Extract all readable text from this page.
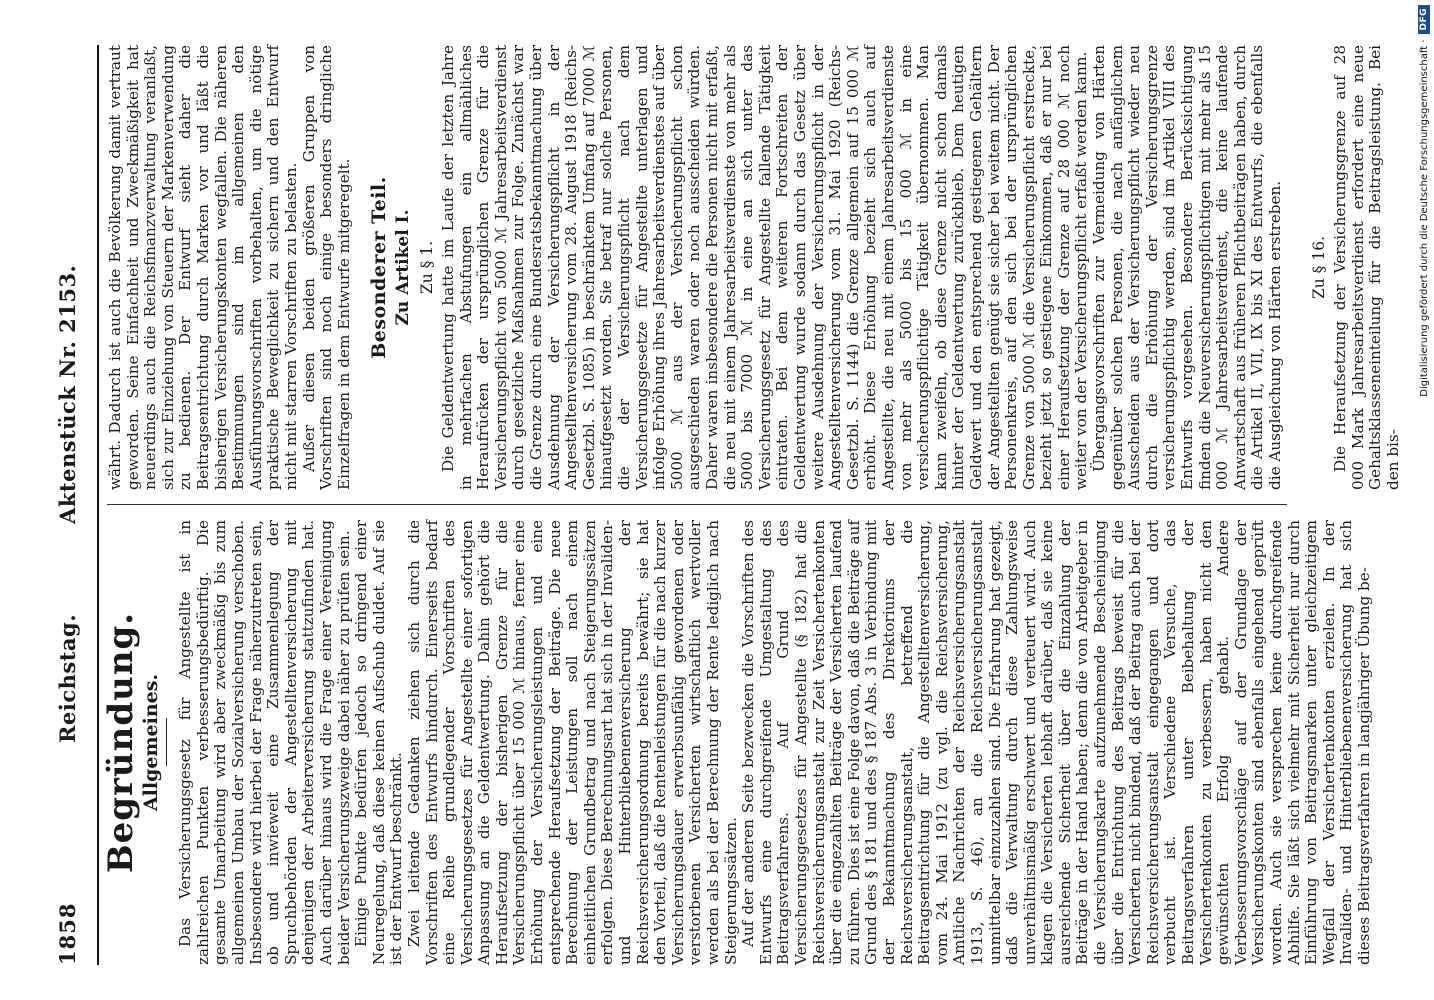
1858
Reichstag.
Aktenstück Nr. 2153.
Begründung.
Allgemeines. Das Versicherungsgesetz für Angestellte ist in zahlreichen Punkten verbesserungsbedürftig. Die gesamte Umarbeitung wird aber zweckmäßig bis zum allgemeinen Umbau der Sozialversicherung verschoben. Insbesondere wird hierbei der Frage näherzutreten sein, ob und inwieweit eine Zusammenlegung der Spruchbehörden der Angestelltenversicherung mit denjenigen der Arbeiterversicherung stattzufinden hat. Auch darüber hinaus wird die Frage einer Vereinigung beider Versicherungszweige dabei näher zu prüfen sein. Einige Punkte bedürfen jedoch so dringend einer Neuregelung, daß diese keinen Aufschub duldet. Auf sie ist der Entwurf beschränkt. Zwei leitende Gedanken ziehen sich durch die Vorschriften des Entwurfs hindurch. Einerseits bedarf eine Reihe grundlegender Vorschriften des Versicherungsgesetzes für Angestellte einer sofortigen Anpassung an die Geldentwertung. Dahin gehört die Heraufsetzung der bisherigen Grenze für die Versicherungspflicht über 15 000 ℳ hinaus, ferner eine Erhöhung der Versicherungsleistungen und eine entsprechende Heraufsetzung der Beiträge. Die neue Berechnung der Leistungen soll nach einem einheitlichen Grundbetrag und nach Steigerungssätzen erfolgen. Diese Berechnungsart hat sich in der Invaliden- und Hinterbliebenenversicherung der Reichsversicherungsordnung bereits bewährt; sie hat den Vorteil, daß die Rentenleistungen für die nach kurzer Versicherungsdauer erwerbsunfähig gewordenen oder verstorbenen Versicherten wirtschaftlich wertvoller werden als bei der Berechnung der Rente lediglich nach Steigerungssätzen. Auf der anderen Seite bezwecken die Vorschriften des Entwurfs eine durchgreifende Umgestaltung des Beitragsverfahrens. Auf Grund des Versicherungsgesetzes für Angestellte (§ 182) hat die Reichsversicherungsanstalt zur Zeit Versichertenkonten über die eingezahlten Beiträge der Versicherten laufend zu führen. Dies ist eine Folge davon, daß die Beiträge auf Grund des § 181 und des § 187 Abs. 3 in Verbindung mit der Bekanntmachung des Direktoriums der Reichsversicherungsanstalt, betreffend die Beitragsentrichtung für die Angestelltenversicherung, vom 24. Mai 1912 (zu vgl. die Reichsversicherung, Amtliche Nachrichten der Reichsversicherungsanstalt 1913, S. 46), an die Reichsversicherungsanstalt unmittelbar einzuzahlen sind. Die Erfahrung hat gezeigt, daß die Verwaltung durch diese Zahlungsweise unverhältnismäßig erschwert und verteuert wird. Auch klagen die Versicherten lebhaft darüber, daß sie keine ausreichende Sicherheit über die Einzahlung der Beiträge in der Hand haben; denn die von Arbeitgeber in die Versicherungskarte aufzunehmende Bescheinigung über die Entrichtung des Beitrags beweist für die Versicherten nicht bindend, daß der Beitrag auch bei der Reichsversicherungsanstalt eingegangen und dort verbucht ist. Verschiedene Versuche, das Beitragsverfahren unter Beibehaltung der Versichertenkonten zu verbessern, haben nicht den gewünschten Erfolg gehabt. Andere Verbesserungsvorschläge auf der Grundlage der Versicherungskonten sind ebenfalls eingehend geprüft worden. Auch sie versprechen keine durchgreifende Abhilfe. Sie läßt sich vielmehr mit Sicherheit nur durch Einführung von Beitragsmarken unter gleichzeitigem Wegfall der Versichertenkonten erzielen. In der Invaliden- und Hinterbliebenenversicherung hat sich dieses Beitragsverfahren in langjähriger Übung be-

währt. Dadurch ist auch die Bevölkerung damit vertraut geworden. Seine Einfachheit und Zweckmäßigkeit hat neuerdings auch die Reichsfinanzverwaltung veranlaßt, sich zur Einziehung von Steuern der Markenverwendung zu bedienen. Der Entwurf sieht daher die Beitragsentrichtung durch Marken vor und läßt die bisherigen Versicherungskonten wegfallen. Die näheren Bestimmungen sind im allgemeinen den Ausführungsvorschriften vorbehalten, um die nötige praktische Beweglichkeit zu sichern und den Entwurf nicht mit starren Vorschriften zu belasten. Außer diesen beiden größeren Gruppen von Vorschriften sind noch einige besonders dringliche Einzelfragen in dem Entwurfe mitgeregelt. Besonderer Teil. Zu Artikel I. Zu § 1. Die Geldentwertung hatte im Laufe der letzten Jahre in mehrfachen Abstufungen ein allmähliches Heraufrücken der ursprünglichen Grenze für die Versicherungspflicht von 5000 ℳ Jahresarbeitsverdienst durch gesetzliche Maßnahmen zur Folge. Zunächst war die Grenze durch eine Bundesratsbekanntmachung über Ausdehnung der Versicherungspflicht in der Angestelltenversicherung vom 28. August 1918 (Reichs-Gesetzbl. S. 1085) in beschränktem Umfang auf 7000 ℳ hinaufgesetzt worden. Sie betraf nur solche Personen, die der Versicherungspflicht nach dem Versicherungsgesetze für Angestellte unterlagen und infolge Erhöhung ihres Jahresarbeitsverdienstes auf über 5000 ℳ aus der Versicherungspflicht schon ausgeschieden waren oder noch ausscheiden würden. Daher waren insbesondere die Personen nicht mit erfaßt, die neu mit einem Jahresarbeitsverdienste von mehr als 5000 bis 7000 ℳ in eine an sich unter das Versicherungsgesetz für Angestellte fallende Tätigkeit eintraten. Bei dem weiteren Fortschreiten der Geldentwertung wurde sodann durch das Gesetz über weitere Ausdehnung der Versicherungspflicht in der Angestelltenversicherung vom 31. Mai 1920 (Reichs-Gesetzbl. S. 1144) die Grenze allgemein auf 15 000 ℳ erhöht. Diese Erhöhung bezieht sich auch auf Angestellte, die neu mit einem Jahresarbeitsverdienste von mehr als 5000 bis 15 000 ℳ in eine versicherungspflichtige Tätigkeit übernommen. Man kann zweifeln, ob diese Grenze nicht schon damals hinter der Geldentwertung zurückblieb. Dem heutigen Geldwert und den entsprechend gestiegenen Gehältern der Angestellten genügt sie sicher bei weitem nicht. Der Personenkreis, auf den sich bei der ursprünglichen Grenze von 5000 ℳ die Versicherungspflicht erstreckte, bezieht jetzt so gestiegene Einkommen, daß er nur bei einer Heraufsetzung der Grenze auf 28 000 ℳ noch weiter von der Versicherungspflicht erfaßt werden kann. Übergangsvorschriften zur Vermeidung von Härten gegenüber solchen Personen, die nach anfänglichem Ausscheiden aus der Versicherungspflicht wieder neu durch die Erhöhung der Versicherungsgrenze versicherungspflichtig werden, sind im Artikel VIII des Entwurfs vorgesehen. Besondere Berücksichtigung finden die Neuversicherungspflichtigen mit mehr als 15 000 ℳ Jahresarbeitsverdienst, die keine laufende Anwartschaft aus früheren Pflichtbeiträgen haben, durch die Artikel II, VII, IX bis XI des Entwurfs, die ebenfalls die Ausgleichung von Härten erstreben. Zu § 16. Die Heraufsetzung der Versicherungsgrenze auf 28 000 Mark Jahresarbeitsverdienst erfordert eine neue Gehaltsklasseneinteilung für die Beitragsleistung. Bei den bis-

Digitalisierung gefördert durch die Deutsche Forschungsgemeinschaft ·
DFG
